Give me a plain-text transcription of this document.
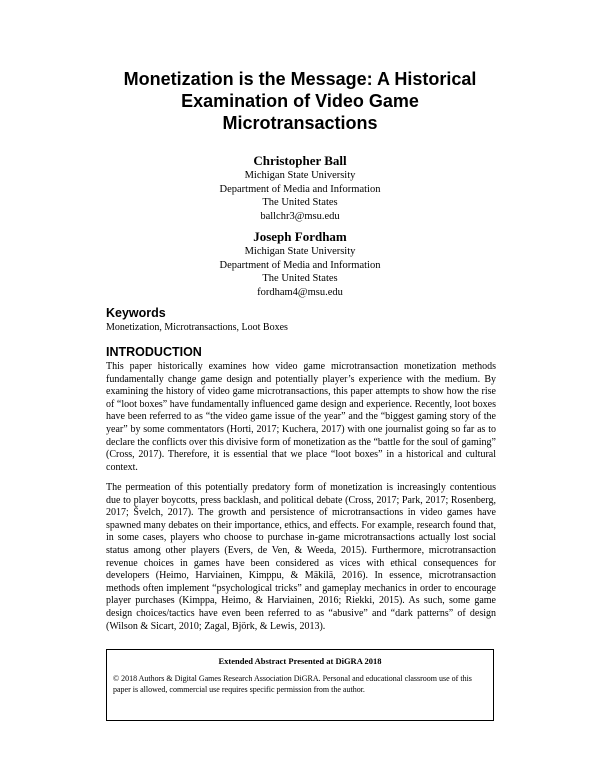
Monetization is the Message: A Historical
Examination of Video Game
Microtransactions
Christopher Ball
Michigan State University
Department of Media and Information
The United States
ballchr3@msu.edu
Joseph Fordham
Michigan State University
Department of Media and Information
The United States
fordham4@msu.edu
Keywords

Monetization, Microtransactions, Loot Boxes

INTRODUCTION

This paper historically examines how video game microtransaction monetization methods fundamentally change game design and potentially player’s experience with the medium. By examining the history of video game microtransactions, this paper attempts to show how the rise of “loot boxes” have fundamentally influenced game design and experience. Recently, loot boxes have been referred to as “the video game issue of the year” and the “biggest gaming story of the year” by some commentators (Horti, 2017; Kuchera, 2017) with one journalist going so far as to declare the conflicts over this divisive form of monetization as the “battle for the soul of gaming” (Cross, 2017). Therefore, it is essential that we place “loot boxes” in a historical and cultural context.

The permeation of this potentially predatory form of monetization is increasingly contentious due to player boycotts, press backlash, and political debate (Cross, 2017; Park, 2017; Rosenberg, 2017; Švelch, 2017). The growth and persistence of microtransactions in video games have spawned many debates on their importance, ethics, and effects. For example, research found that, in some cases, players who choose to purchase in-game microtransactions actually lost social status among other players (Evers, de Ven, & Weeda, 2015). Furthermore, microtransaction revenue choices in games have been considered as vices with ethical consequences for developers (Heimo, Harviainen, Kimppu, & Mäkilä, 2016). In essence, microtransaction methods often implement “psychological tricks” and gameplay mechanics in order to encourage player purchases (Kimppa, Heimo, & Harviainen, 2016; Riekki, 2015). As such, some game design choices/tactics have even been referred to as “abusive” and “dark patterns” of design (Wilson & Sicart, 2010; Zagal, Björk, & Lewis, 2013).

Extended Abstract Presented at DiGRA 2018

© 2018 Authors & Digital Games Research Association DiGRA. Personal and educational classroom use of this paper is allowed, commercial use requires specific permission from the author.
